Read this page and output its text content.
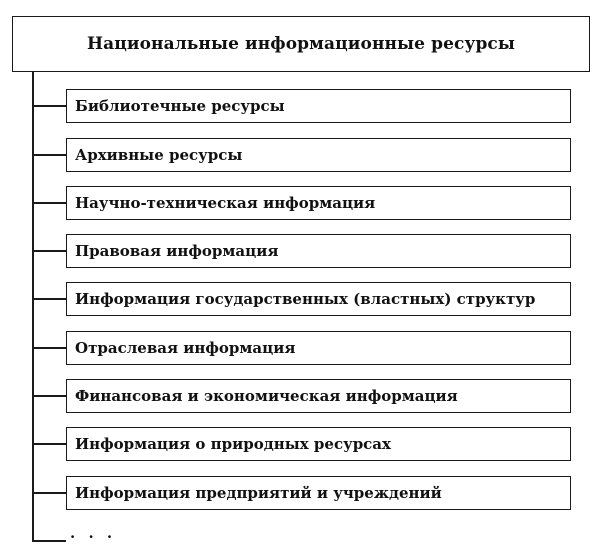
Национальные информационные ресурсы
Библиотечные ресурсы
Архивные ресурсы
Научно-техническая информация
Правовая информация
Информация государственных (властных) структур
Отраслевая информация
Финансовая и экономическая информация
Информация о природных ресурсах
Информация предприятий и учреждений
· · ·
